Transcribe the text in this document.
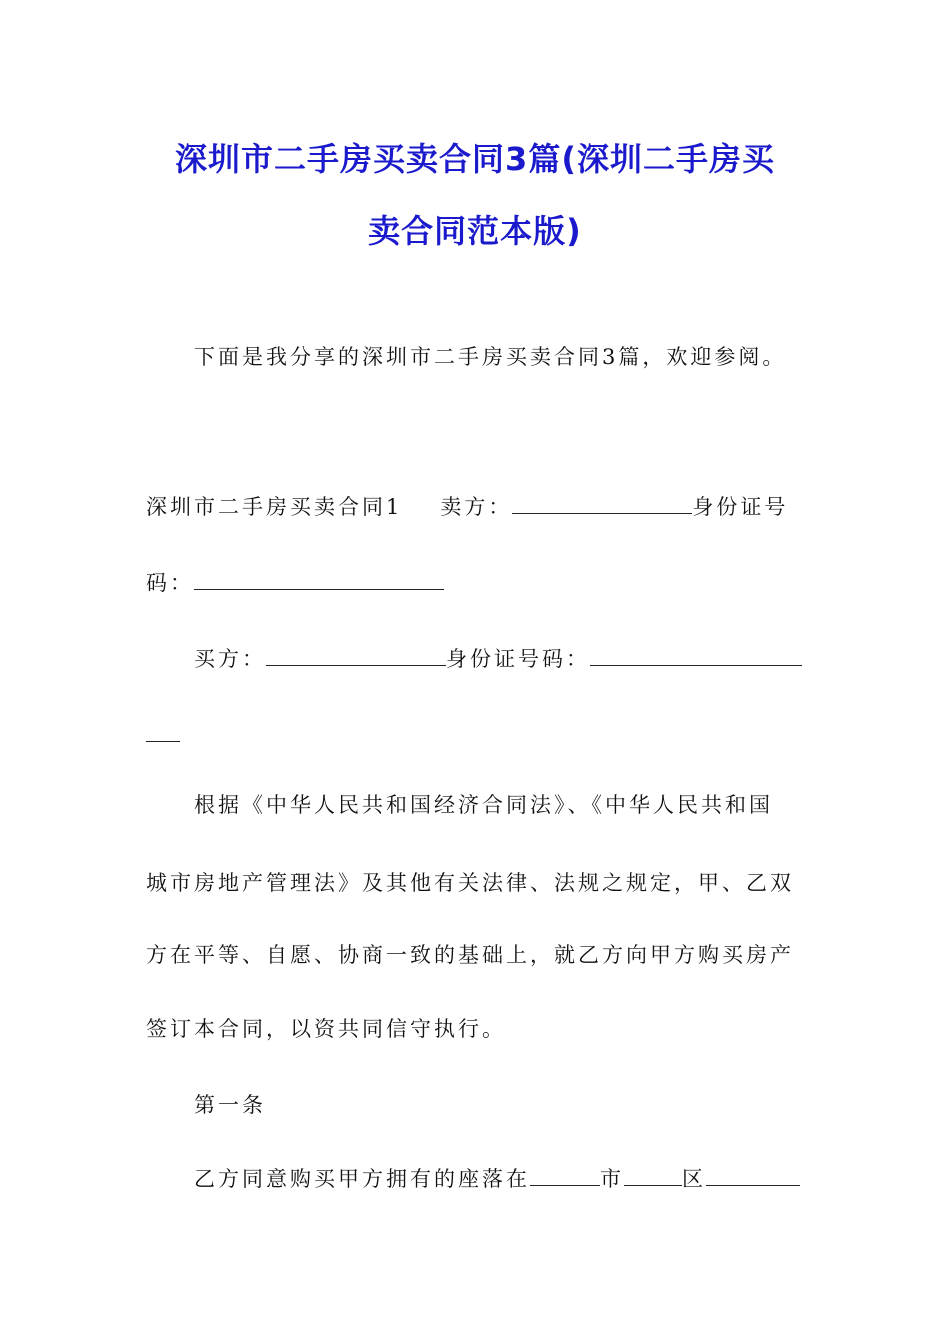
深圳市二手房买卖合同3篇(深圳二手房买
卖合同范本版)
下面是我分享的深圳市二手房买卖合同3篇，欢迎参阅。
深圳市二手房买卖合同1 卖方：	身份证号
码：
买方：	身份证号码：
根据《中华人民共和国经济合同法》、《中华人民共和国
城市房地产管理法》及其他有关法律、法规之规定，甲、乙双
方在平等、自愿、协商一致的基础上，就乙方向甲方购买房产
签订本合同，以资共同信守执行。
第一条
乙方同意购买甲方拥有的座落在	市	区
